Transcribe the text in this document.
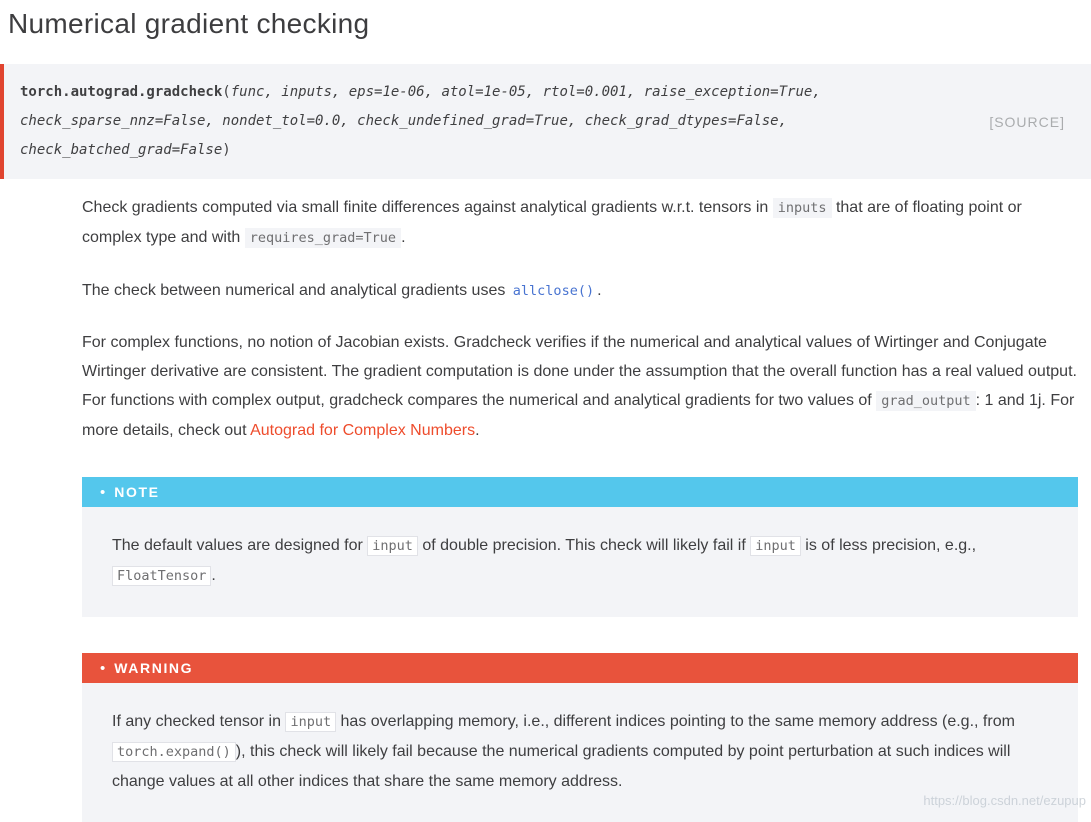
Numerical gradient checking
torch.autograd.gradcheck(func, inputs, eps=1e-06, atol=1e-05, rtol=0.001, raise_exception=True, check_sparse_nnz=False, nondet_tol=0.0, check_undefined_grad=True, check_grad_dtypes=False, check_batched_grad=False)
[SOURCE]

Check gradients computed via small finite differences against analytical gradients w.r.t. tensors in inputs that are of floating point or complex type and with requires_grad=True .

The check between numerical and analytical gradients uses allclose() .

For complex functions, no notion of Jacobian exists. Gradcheck verifies if the numerical and analytical values of Wirtinger and Conjugate Wirtinger derivative are consistent. The gradient computation is done under the assumption that the overall function has a real valued output. For functions with complex output, gradcheck compares the numerical and analytical gradients for two values of grad_output : 1 and 1j. For more details, check out Autograd for Complex Numbers.

• NOTE
The default values are designed for input of double precision. This check will likely fail if input is of less precision, e.g., FloatTensor .
• WARNING
If any checked tensor in input has overlapping memory, i.e., different indices pointing to the same memory address (e.g., from torch.expand() ), this check will likely fail because the numerical gradients computed by point perturbation at such indices will change values at all other indices that share the same memory address.
https://blog.csdn.net/ezupup
